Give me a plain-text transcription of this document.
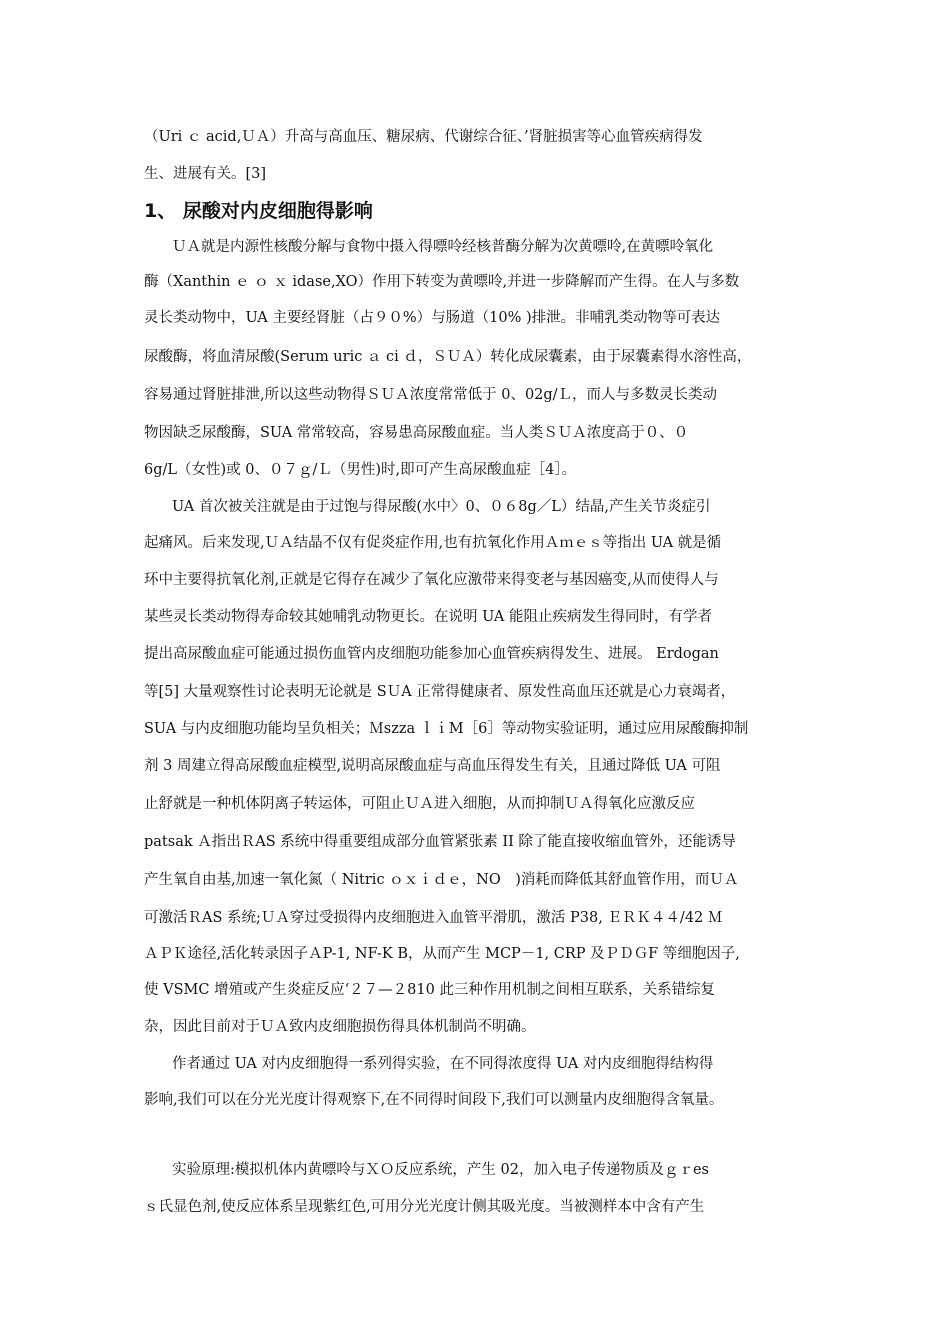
（Uri ｃ acid,ＵＡ）升高与高血压、糖尿病、代谢综合征、’肾脏损害等心血管疾病得发
生、进展有关。[3]
1、 尿酸对内皮细胞得影响
ＵＡ就是内源性核酸分解与食物中摄入得嘌呤经核普酶分解为次黄嘌呤,在黄嘌呤氧化
酶（Xanthin ｅ ｏ ｘ idase,XO）作用下转变为黄嘌呤,并进一步降解而产生得。在人与多数
灵长类动物中，UA 主要经肾脏（占９０%）与肠道（10% )排泄。非哺乳类动物等可表达
尿酸酶，将血清尿酸(Serum uric ａ ci ｄ，ＳＵＡ）转化成尿囊素，由于尿囊素得水溶性高，
容易通过肾脏排泄,所以这些动物得ＳＵＡ浓度常常低于 0、02g/Ｌ，而人与多数灵长类动
物因缺乏尿酸酶，SUA 常常较高，容易患高尿酸血症。当人类ＳＵＡ浓度高于０、０
6g/L（女性)或 0、０７ｇ/Ｌ（男性)时,即可产生高尿酸血症［4］。
UA 首次被关注就是由于过饱与得尿酸(水中〉0、０６8g／L）结晶,产生关节炎症引
起痛风。后来发现,ＵＡ结晶不仅有促炎症作用,也有抗氧化作用Ａｍｅｓ等指出 UA 就是循
环中主要得抗氧化剂,正就是它得存在减少了氧化应激带来得变老与基因癌变,从而使得人与
某些灵长类动物得寿命较其她哺乳动物更长。在说明 UA 能阻止疾病发生得同时，有学者
提出高尿酸血症可能通过损伤血管内皮细胞功能参加心血管疾病得发生、进展。 Erdogan
等[5] 大量观察性讨论表明无论就是 SＵA 正常得健康者、原发性高血压还就是心力衰竭者，
SUA 与内皮细胞功能均呈负相关；Ｍszza ｌｉM［6］等动物实验证明，通过应用尿酸酶抑制
剂 3 周建立得高尿酸血症模型,说明高尿酸血症与高血压得发生有关，且通过降低 UA 可阻
止舒就是一种机体阴离子转运体，可阻止ＵＡ进入细胞，从而抑制ＵＡ得氧化应激反应
patsak Ａ指出ＲAS 系统中得重要组成部分血管紧张素 II 除了能直接收缩血管外，还能诱导
产生氧自由基,加速一氧化氮（ Nitric ｏｘｉｄｅ，NO　)消耗而降低其舒血管作用，而ＵＡ
可激活ＲAS 系统;ＵＡ穿过受损得内皮细胞进入血管平滑肌，激活 P38, ＥＲＫ４４/42 Ｍ
ＡＰＫ途径,活化转录因子ＡP-1, NF-K Β，从而产生 MCP－1, CRP 及ＰＤＧF 等细胞因子,
使 VSMC 增殖或产生炎症反应‘２７—２810 此三种作用机制之间相互联系，关系错综复
杂，因此目前对于ＵＡ致内皮细胞损伤得具体机制尚不明确。
作者通过 UA 对内皮细胞得一系列得实验，在不同得浓度得 UA 对内皮细胞得结构得
影响,我们可以在分光光度计得观察下,在不同得时间段下,我们可以测量内皮细胞得含氧量。
实验原理:模拟机体内黄嘌呤与ＸＯ反应系统，产生 02，加入电子传递物质及ｇｒes
ｓ氏显色剂,使反应体系呈现紫红色,可用分光光度计侧其吸光度。当被测样本中含有产生
